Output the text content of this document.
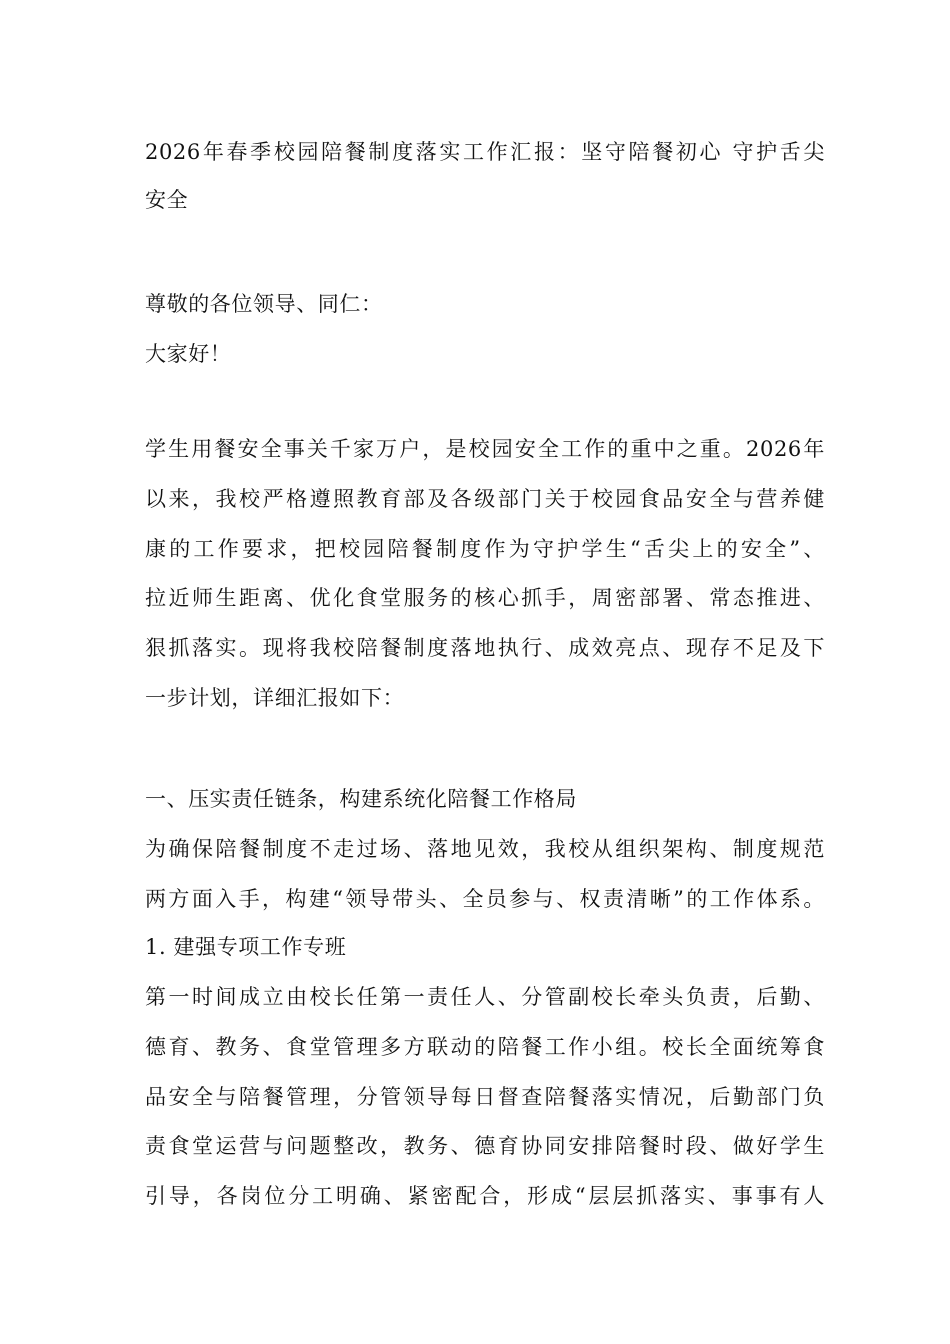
2026年春季校园陪餐制度落实工作汇报：坚守陪餐初心 守护舌尖
安全
尊敬的各位领导、同仁：
大家好！
学生用餐安全事关千家万户，是校园安全工作的重中之重。2026年
以来，我校严格遵照教育部及各级部门关于校园食品安全与营养健
康的工作要求，把校园陪餐制度作为守护学生“舌尖上的安全”、
拉近师生距离、优化食堂服务的核心抓手，周密部署、常态推进、
狠抓落实。现将我校陪餐制度落地执行、成效亮点、现存不足及下
一步计划，详细汇报如下：
一、压实责任链条，构建系统化陪餐工作格局
为确保陪餐制度不走过场、落地见效，我校从组织架构、制度规范
两方面入手，构建“领导带头、全员参与、权责清晰”的工作体系。
1. 建强专项工作专班
第一时间成立由校长任第一责任人、分管副校长牵头负责，后勤、
德育、教务、食堂管理多方联动的陪餐工作小组。校长全面统筹食
品安全与陪餐管理，分管领导每日督查陪餐落实情况，后勤部门负
责食堂运营与问题整改，教务、德育协同安排陪餐时段、做好学生
引导，各岗位分工明确、紧密配合，形成“层层抓落实、事事有人
